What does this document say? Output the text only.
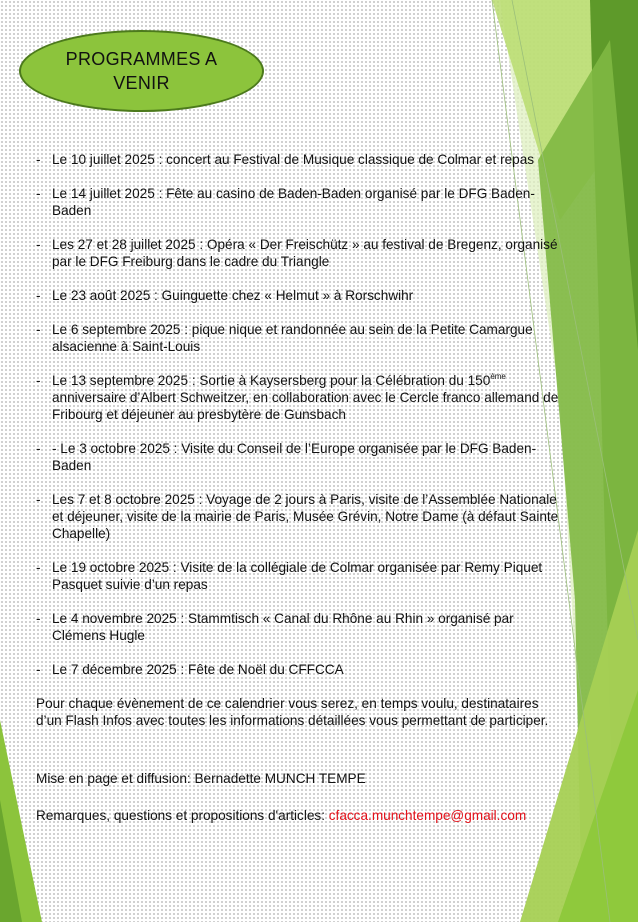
PROGRAMMES A VENIR
- Le 10 juillet 2025 : concert au Festival de Musique classique de Colmar et repas
- Le 14 juillet 2025 : Fête au casino de Baden-Baden organisé par le DFG Baden-Baden
- Les 27 et 28 juillet 2025 : Opéra « Der Freischütz » au festival de Bregenz, organisé par le DFG Freiburg dans le cadre du Triangle
- Le 23 août 2025 : Guinguette chez « Helmut » à Rorschwihr
- Le 6 septembre 2025 : pique nique et randonnée au sein de la Petite Camargue alsacienne à Saint-Louis
- Le 13 septembre 2025 : Sortie à Kaysersberg pour la Célébration du 150ème anniversaire d’Albert Schweitzer, en collaboration avec le Cercle franco allemand de Fribourg et déjeuner au presbytère de Gunsbach
- - Le 3 octobre 2025 : Visite du Conseil de l’Europe organisée par le DFG Baden-Baden
- Les 7 et 8 octobre 2025 : Voyage de 2 jours à Paris, visite de l’Assemblée Nationale et déjeuner, visite de la mairie de Paris, Musée Grévin, Notre Dame (à défaut Sainte Chapelle)
- Le 19 octobre 2025 : Visite de la collégiale de Colmar organisée par Remy Piquet Pasquet suivie d’un repas
- Le 4 novembre 2025 : Stammtisch « Canal du Rhône au Rhin » organisé par Clémens Hugle
- Le 7 décembre 2025 : Fête de Noël du CFFCCA

Pour chaque évènement de ce calendrier vous serez, en temps voulu, destinataires d’un Flash Infos avec toutes les informations détaillées vous permettant de participer.

Mise en page et diffusion: Bernadette MUNCH TEMPE

Remarques, questions et propositions d'articles: cfacca.munchtempe@gmail.com
